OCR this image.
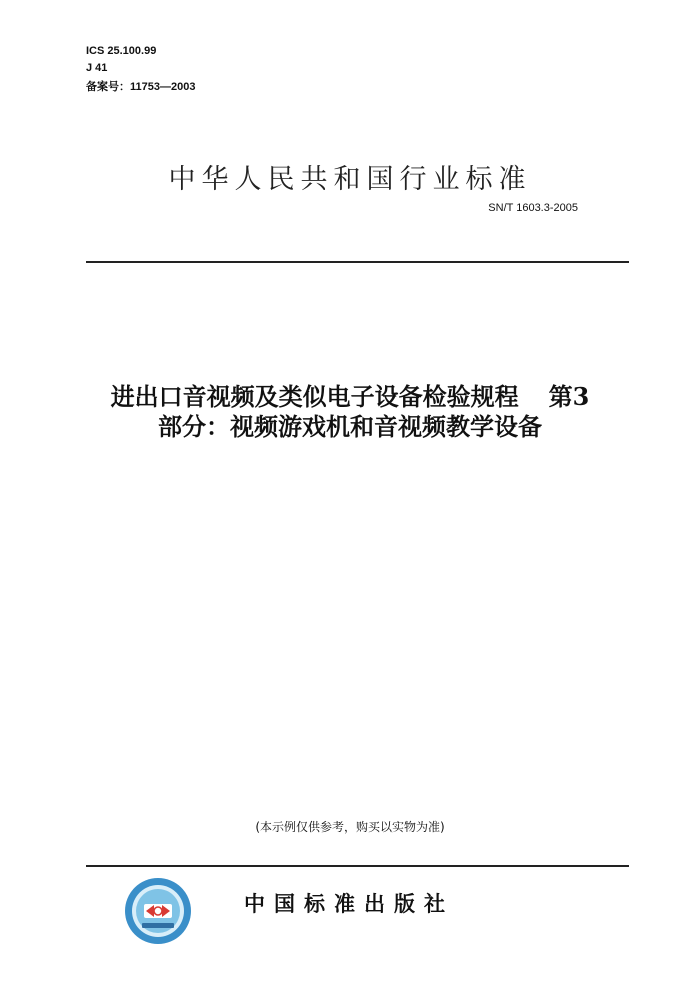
ICS 25.100.99
J 41
备案号：11753—2003
中华人民共和国行业标准
SN/T 1603.3-2005
进出口音视频及类似电子设备检验规程 第3
部分：视频游戏机和音视频教学设备
(本示例仅供参考，购买以实物为准)
中国标准出版社
